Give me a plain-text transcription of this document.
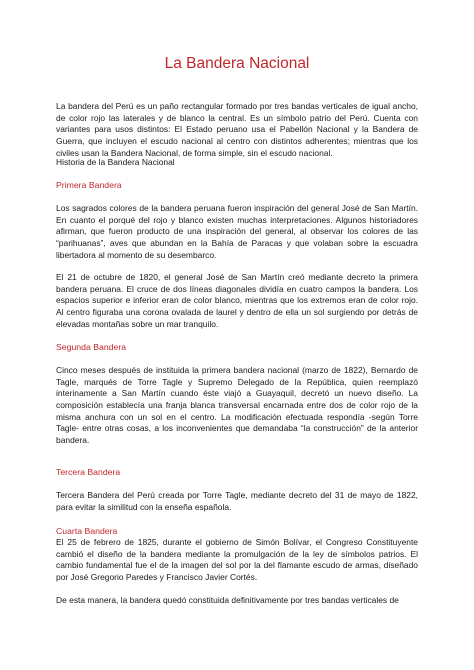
La Bandera Nacional

La bandera del Perú es un paño rectangular formado por tres bandas verticales de igual ancho, de color rojo las laterales y de blanco la central. Es un símbolo patrio del Perú. Cuenta con variantes para usos distintos: El Estado peruano usa el Pabellón Nacional y la Bandera de Guerra, que incluyen el escudo nacional al centro con distintos adherentes; mientras que los civiles usan la Bandera Nacional, de forma simple, sin el escudo nacional.

Historia de la Bandera Nacional

Primera Bandera

Los sagrados colores de la bandera peruana fueron inspiración del general José de San Martín. En cuanto el porqué del rojo y blanco existen muchas interpretaciones. Algunos historiadores afirman, que fueron producto de una inspiración del general, al observar los colores de las “parihuanas”, aves que abundan en la Bahía de Paracas y que volaban sobre la escuadra libertadora al momento de su desembarco.

El 21 de octubre de 1820, el general José de San Martín creó mediante decreto la primera bandera peruana. El cruce de dos líneas diagonales dividía en cuatro campos la bandera. Los espacios superior e inferior eran de color blanco, mientras que los extremos eran de color rojo. Al centro figuraba una corona ovalada de laurel y dentro de ella un sol surgiendo por detrás de elevadas montañas sobre un mar tranquilo.

Segunda Bandera

Cinco meses después de instituida la primera bandera nacional (marzo de 1822), Bernardo de Tagle, marqués de Torre Tagle y Supremo Delegado de la República, quien reemplazó interinamente a San Martín cuando éste viajó a Guayaquil, decretó un nuevo diseño. La composición establecía una franja blanca transversal encarnada entre dos de color rojo de la misma anchura con un sol en el centro. La modificación efectuada respondía -según Torre Tagle- entre otras cosas, a los inconvenientes que demandaba “la construcción” de la anterior bandera.

Tercera Bandera

Tercera Bandera del Perú creada por Torre Tagle, mediante decreto del 31 de mayo de 1822, para evitar la similitud con la enseña española.

Cuarta Bandera

El 25 de febrero de 1825, durante el gobierno de Simón Bolívar, el Congreso Constituyente cambió el diseño de la bandera mediante la promulgación de la ley de símbolos patrios. El cambio fundamental fue el de la imagen del sol por la del flamante escudo de armas, diseñado por José Gregorio Paredes y Francisco Javier Cortés.

De esta manera, la bandera quedó constituida definitivamente por tres bandas verticales de
